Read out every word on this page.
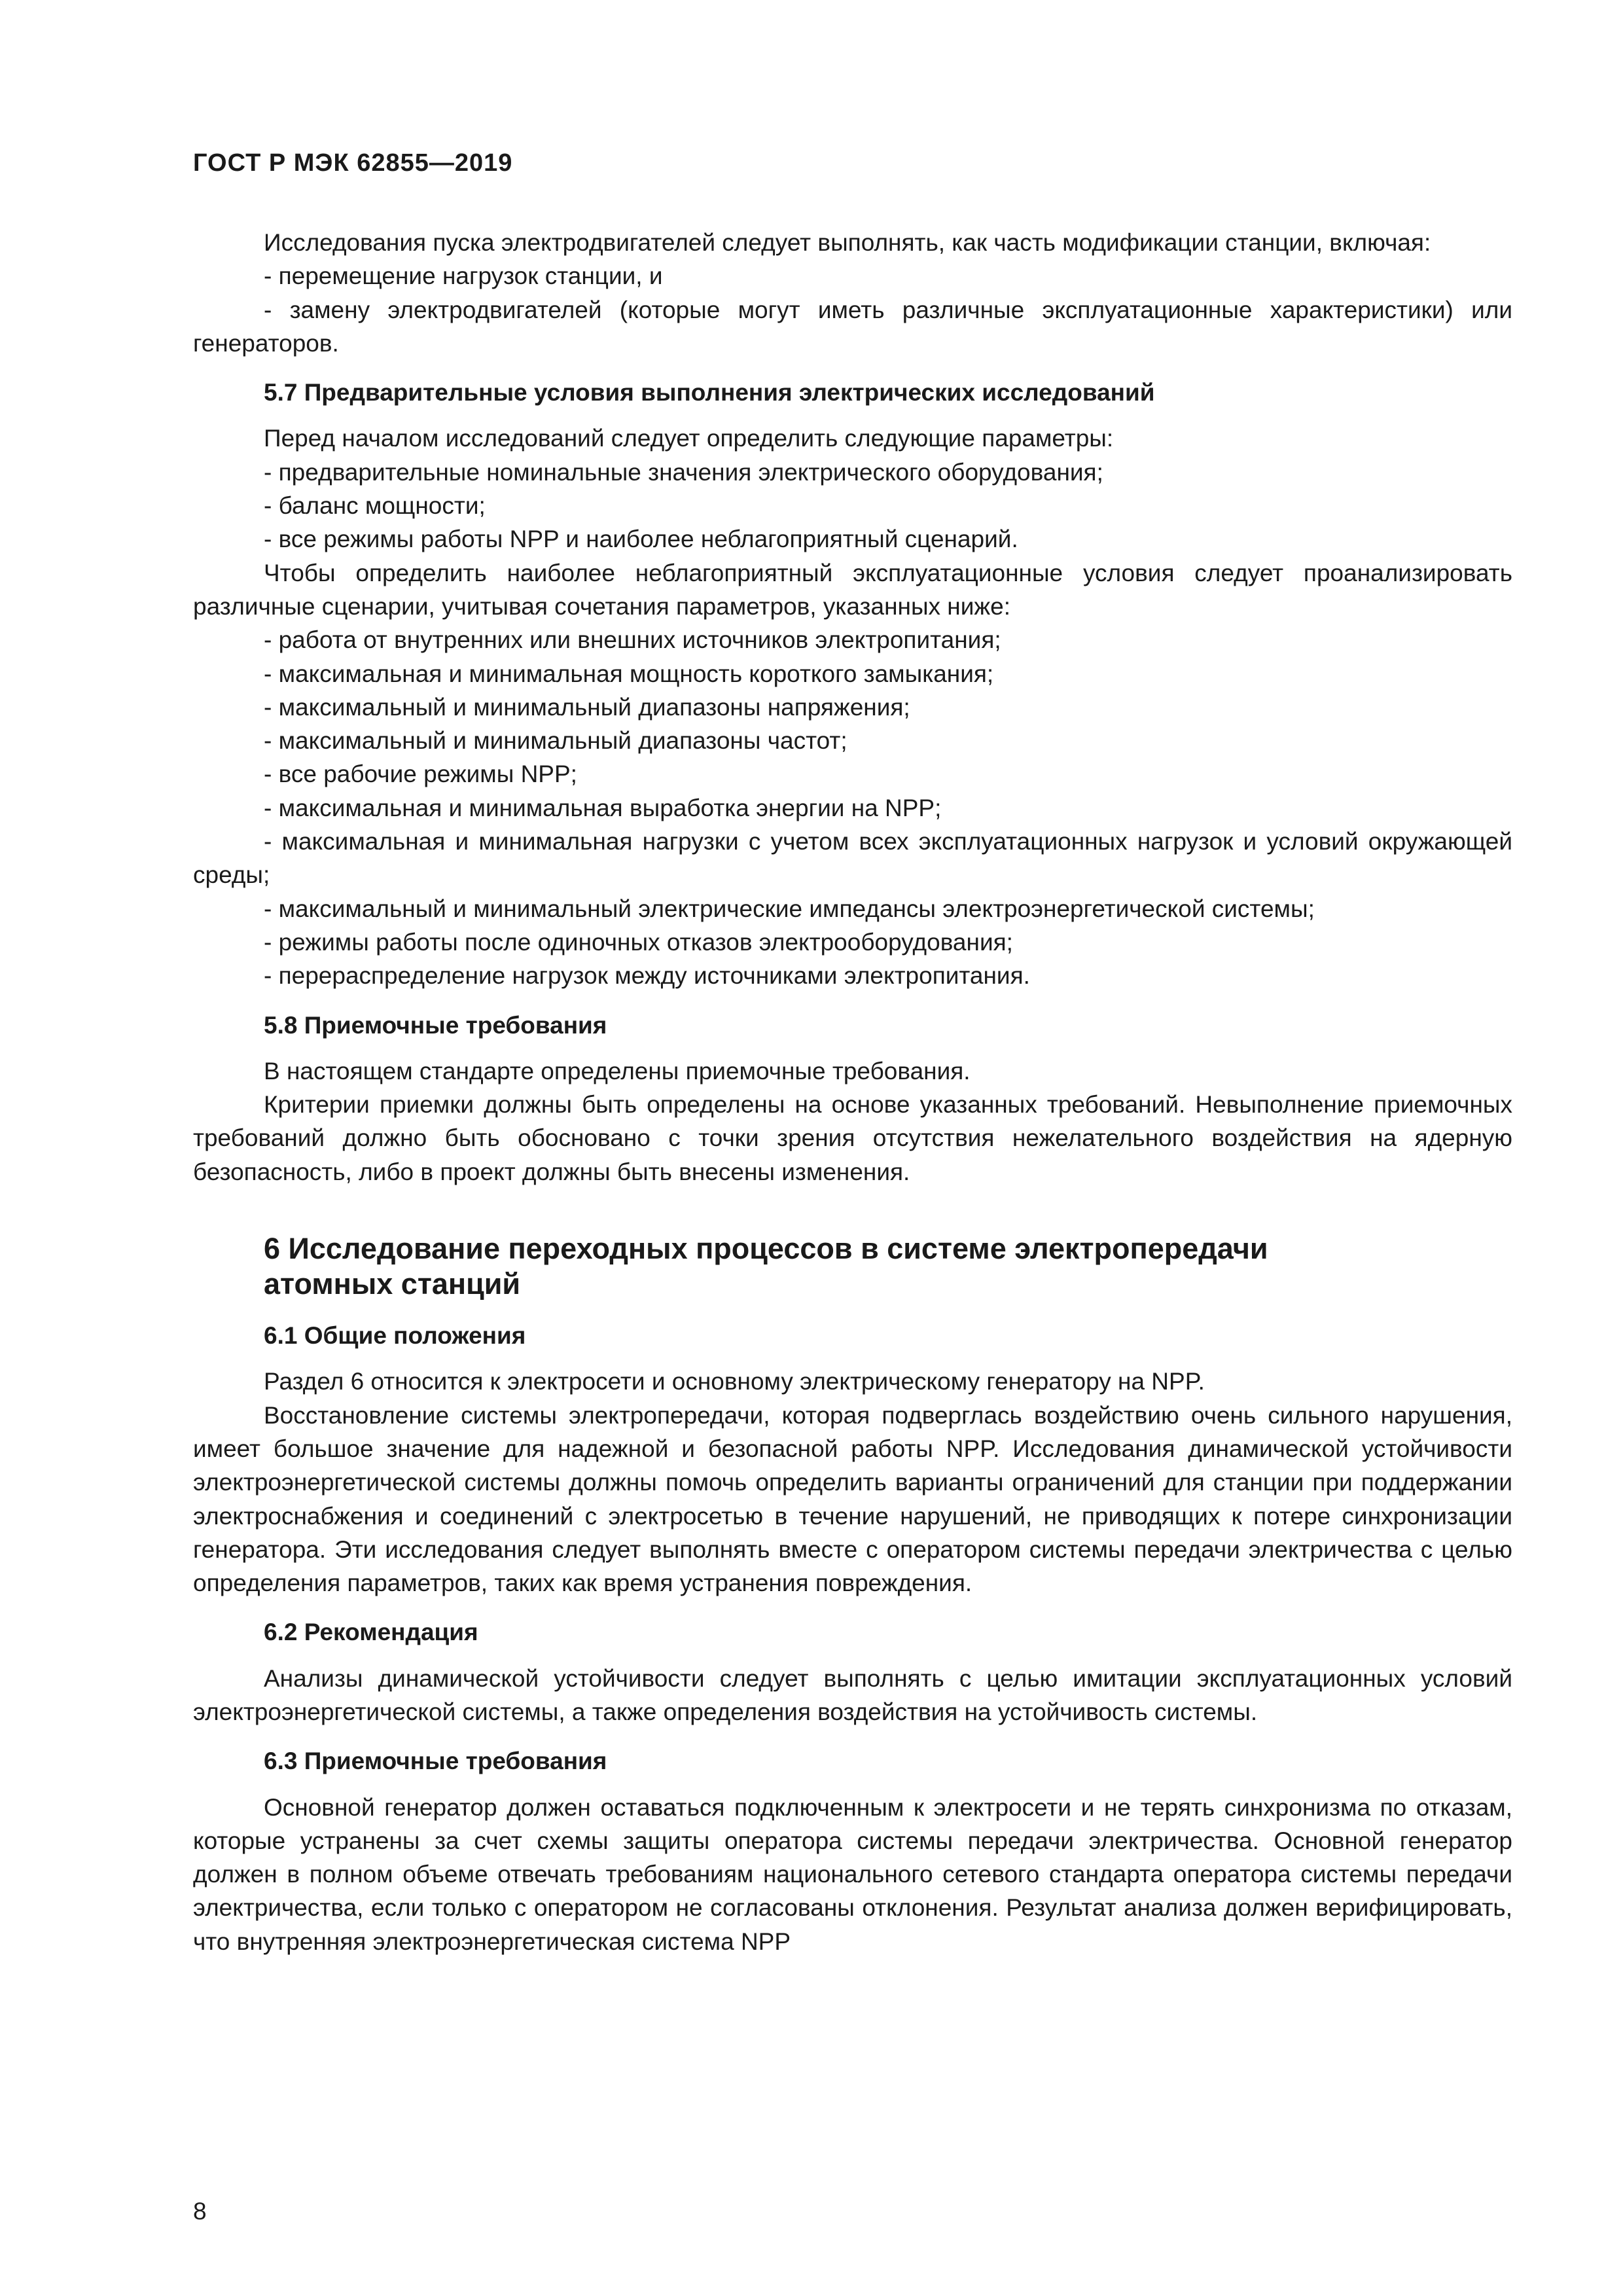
ГОСТ Р МЭК 62855—2019

Исследования пуска электродвигателей следует выполнять, как часть модификации станции, включая:

- перемещение нагрузок станции, и

- замену электродвигателей (которые могут иметь различные эксплуатационные характеристики) или генераторов.

5.7 Предварительные условия выполнения электрических исследований

Перед началом исследований следует определить следующие параметры:

- предварительные номинальные значения электрического оборудования;

- баланс мощности;

- все режимы работы NPP и наиболее неблагоприятный сценарий.

Чтобы определить наиболее неблагоприятный эксплуатационные условия следует проанализировать различные сценарии, учитывая сочетания параметров, указанных ниже:

- работа от внутренних или внешних источников электропитания;

- максимальная и минимальная мощность короткого замыкания;

- максимальный и минимальный диапазоны напряжения;

- максимальный и минимальный диапазоны частот;

- все рабочие режимы NPP;

- максимальная и минимальная выработка энергии на NPP;

- максимальная и минимальная нагрузки с учетом всех эксплуатационных нагрузок и условий окружающей среды;

- максимальный и минимальный электрические импедансы электроэнергетической системы;

- режимы работы после одиночных отказов электрооборудования;

- перераспределение нагрузок между источниками электропитания.

5.8 Приемочные требования

В настоящем стандарте определены приемочные требования.

Критерии приемки должны быть определены на основе указанных требований. Невыполнение приемочных требований должно быть обосновано с точки зрения отсутствия нежелательного воздействия на ядерную безопасность, либо в проект должны быть внесены изменения.

6 Исследование переходных процессов в системе электропередачи атомных станций
6.1 Общие положения

Раздел 6 относится к электросети и основному электрическому генератору на NPP.

Восстановление системы электропередачи, которая подверглась воздействию очень сильного нарушения, имеет большое значение для надежной и безопасной работы NPP. Исследования динамической устойчивости электроэнергетической системы должны помочь определить варианты ограничений для станции при поддержании электроснабжения и соединений с электросетью в течение нарушений, не приводящих к потере синхронизации генератора. Эти исследования следует выполнять вместе с оператором системы передачи электричества с целью определения параметров, таких как время устранения повреждения.

6.2 Рекомендация

Анализы динамической устойчивости следует выполнять с целью имитации эксплуатационных условий электроэнергетической системы, а также определения воздействия на устойчивость системы.

6.3 Приемочные требования

Основной генератор должен оставаться подключенным к электросети и не терять синхронизма по отказам, которые устранены за счет схемы защиты оператора системы передачи электричества. Основной генератор должен в полном объеме отвечать требованиям национального сетевого стандарта оператора системы передачи электричества, если только с оператором не согласованы отклонения. Результат анализа должен верифицировать, что внутренняя электроэнергетическая система NPP

8
